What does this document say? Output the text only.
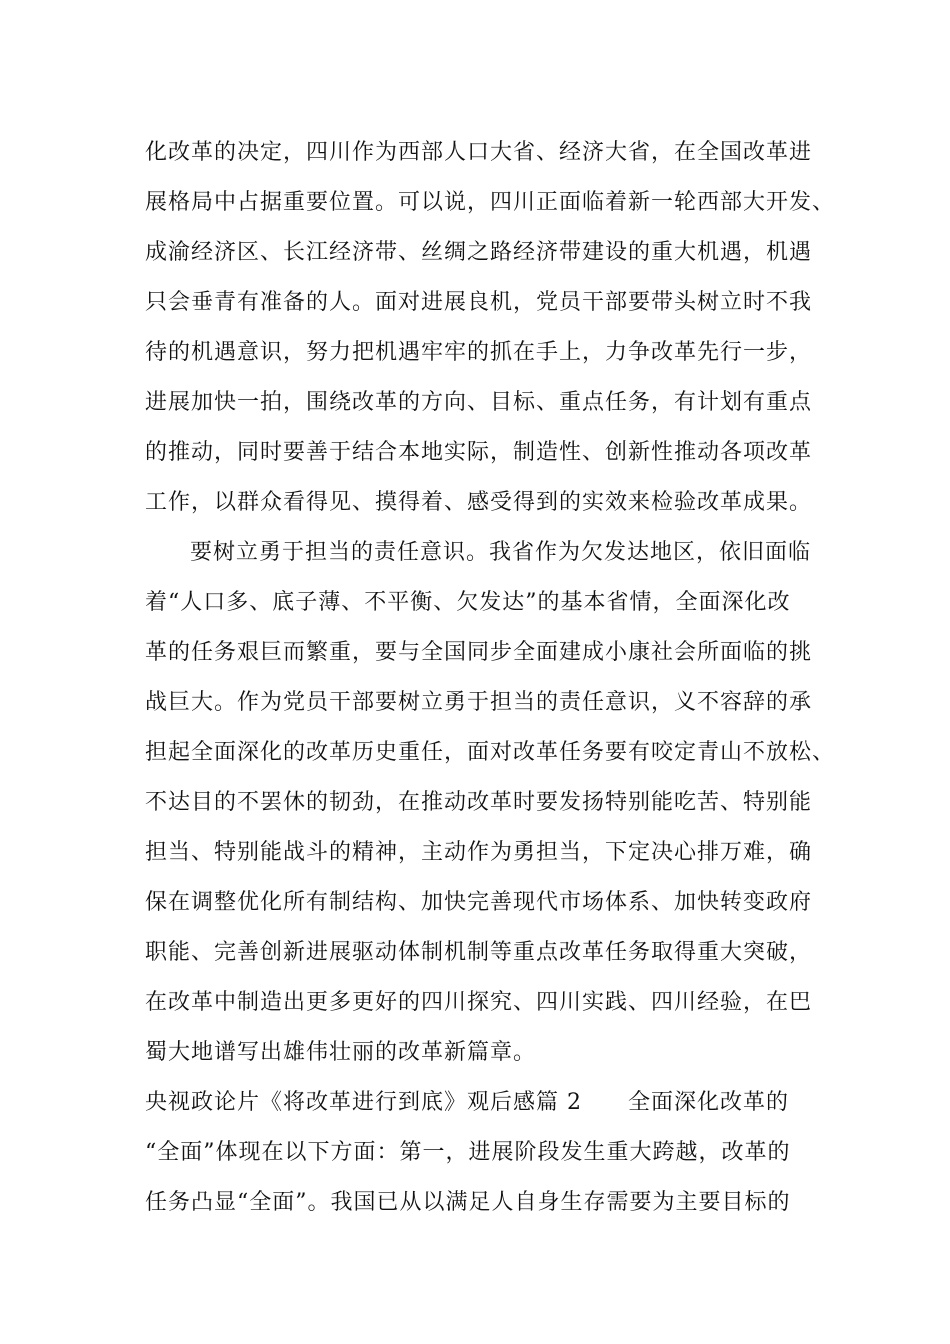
化改革的决定，四川作为西部人口大省、经济大省，在全国改革进
展格局中占据重要位置。可以说，四川正面临着新一轮西部大开发、
成渝经济区、长江经济带、丝绸之路经济带建设的重大机遇，机遇
只会垂青有准备的人。面对进展良机，党员干部要带头树立时不我
待的机遇意识，努力把机遇牢牢的抓在手上，力争改革先行一步，
进展加快一拍，围绕改革的方向、目标、重点任务，有计划有重点
的推动，同时要善于结合本地实际，制造性、创新性推动各项改革
工作，以群众看得见、摸得着、感受得到的实效来检验改革成果。
要树立勇于担当的责任意识。我省作为欠发达地区，依旧面临
着“人口多、底子薄、不平衡、欠发达”的基本省情，全面深化改
革的任务艰巨而繁重，要与全国同步全面建成小康社会所面临的挑
战巨大。作为党员干部要树立勇于担当的责任意识，义不容辞的承
担起全面深化的改革历史重任，面对改革任务要有咬定青山不放松、
不达目的不罢休的韧劲，在推动改革时要发扬特别能吃苦、特别能
担当、特别能战斗的精神，主动作为勇担当，下定决心排万难，确
保在调整优化所有制结构、加快完善现代市场体系、加快转变政府
职能、完善创新进展驱动体制机制等重点改革任务取得重大突破，
在改革中制造出更多更好的四川探究、四川实践、四川经验，在巴
蜀大地谱写出雄伟壮丽的改革新篇章。
央视政论片《将改革进行到底》观后感篇 2　　全面深化改革的
“全面”体现在以下方面：第一，进展阶段发生重大跨越，改革的
任务凸显“全面”。我国已从以满足人自身生存需要为主要目标的
